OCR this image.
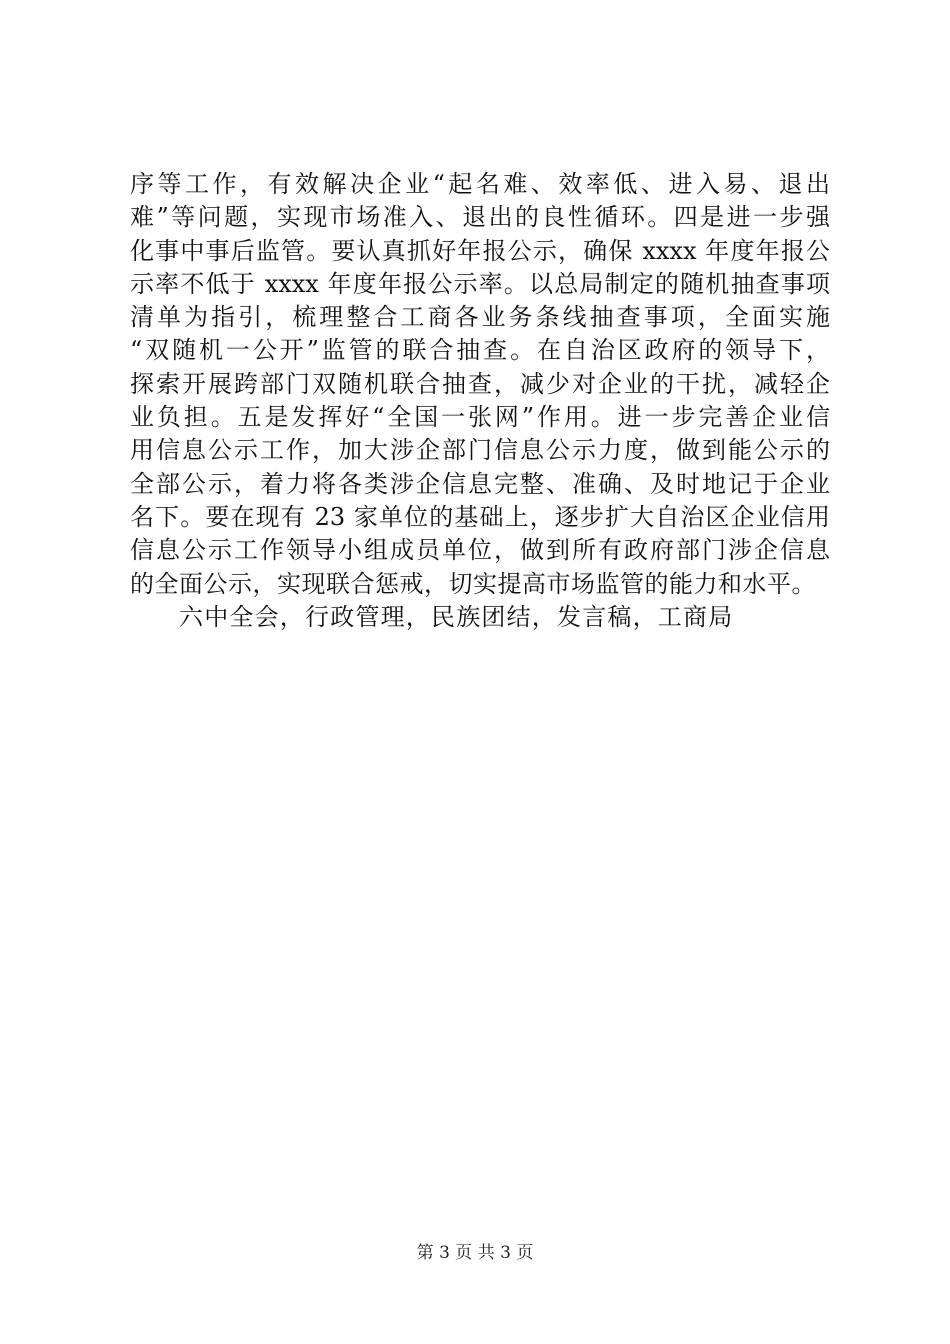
序等工作，有效解决企业“起名难、效率低、进入易、退出
难”等问题，实现市场准入、退出的良性循环。四是进一步强
化事中事后监管。要认真抓好年报公示，确保 xxxx 年度年报公
示率不低于 xxxx 年度年报公示率。以总局制定的随机抽查事项
清单为指引，梳理整合工商各业务条线抽查事项，全面实施
“双随机一公开”监管的联合抽查。在自治区政府的领导下，
探索开展跨部门双随机联合抽查，减少对企业的干扰，减轻企
业负担。五是发挥好“全国一张网”作用。进一步完善企业信
用信息公示工作，加大涉企部门信息公示力度，做到能公示的
全部公示，着力将各类涉企信息完整、准确、及时地记于企业
名下。要在现有 23 家单位的基础上，逐步扩大自治区企业信用
信息公示工作领导小组成员单位，做到所有政府部门涉企信息
的全面公示，实现联合惩戒，切实提高市场监管的能力和水平。
六中全会，行政管理，民族团结，发言稿，工商局
第 3 页 共 3 页
